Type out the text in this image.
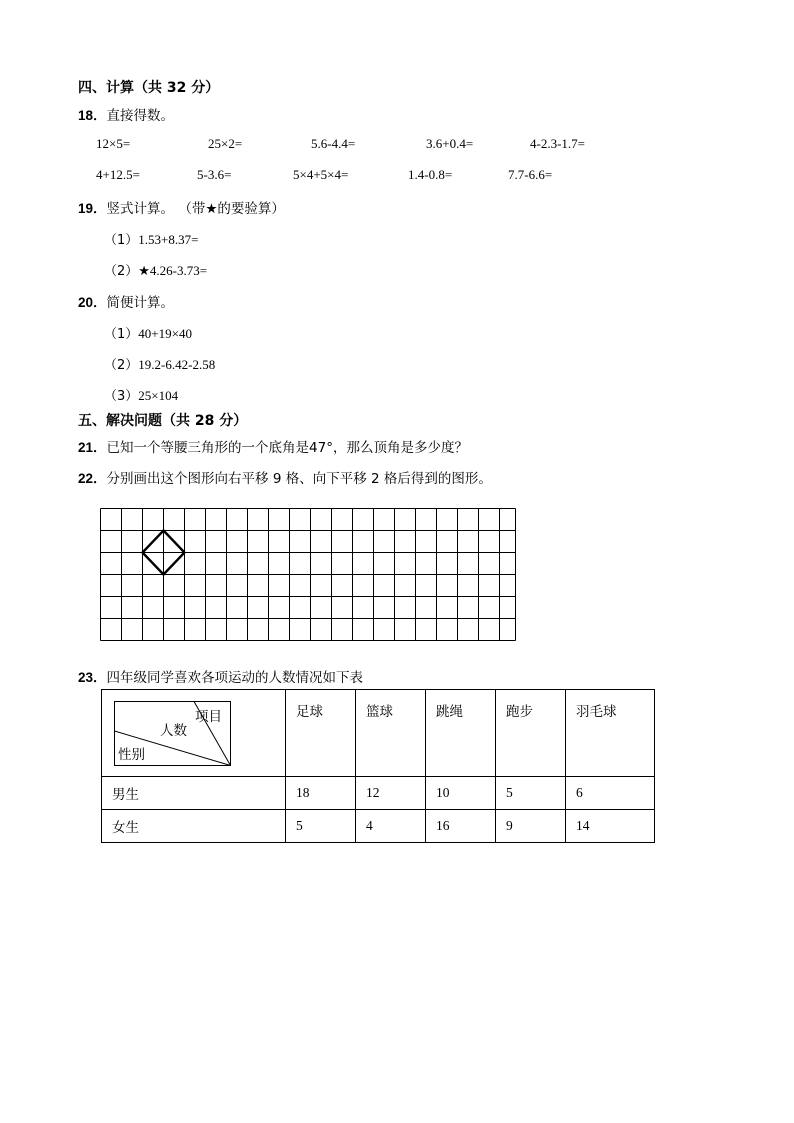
四、计算（共 32 分）
18．直接得数。
12×5=	25×2=	5.6-4.4=	3.6+0.4=	4-2.3-1.7=
4+12.5=	5-3.6=	5×4+5×4=	1.4-0.8=	7.7-6.6=
19．竖式计算。 （带★的要验算）
（1）1.53+8.37=
（2）★4.26-3.73=
20．简便计算。
（1）40+19×40
（2）19.2-6.42-2.58
（3）25×104
五、解决问题（共 28 分）
21．已知一个等腰三角形的一个底角是47°，那么顶角是多少度？
22．分别画出这个图形向右平移 9 格、向下平移 2 格后得到的图形。
23．四年级同学喜欢各项运动的人数情况如下表
项目
人数
性别	足球	篮球	跳绳	跑步	羽毛球
男生	18	12	10	5	6
女生	5	4	16	9	14
